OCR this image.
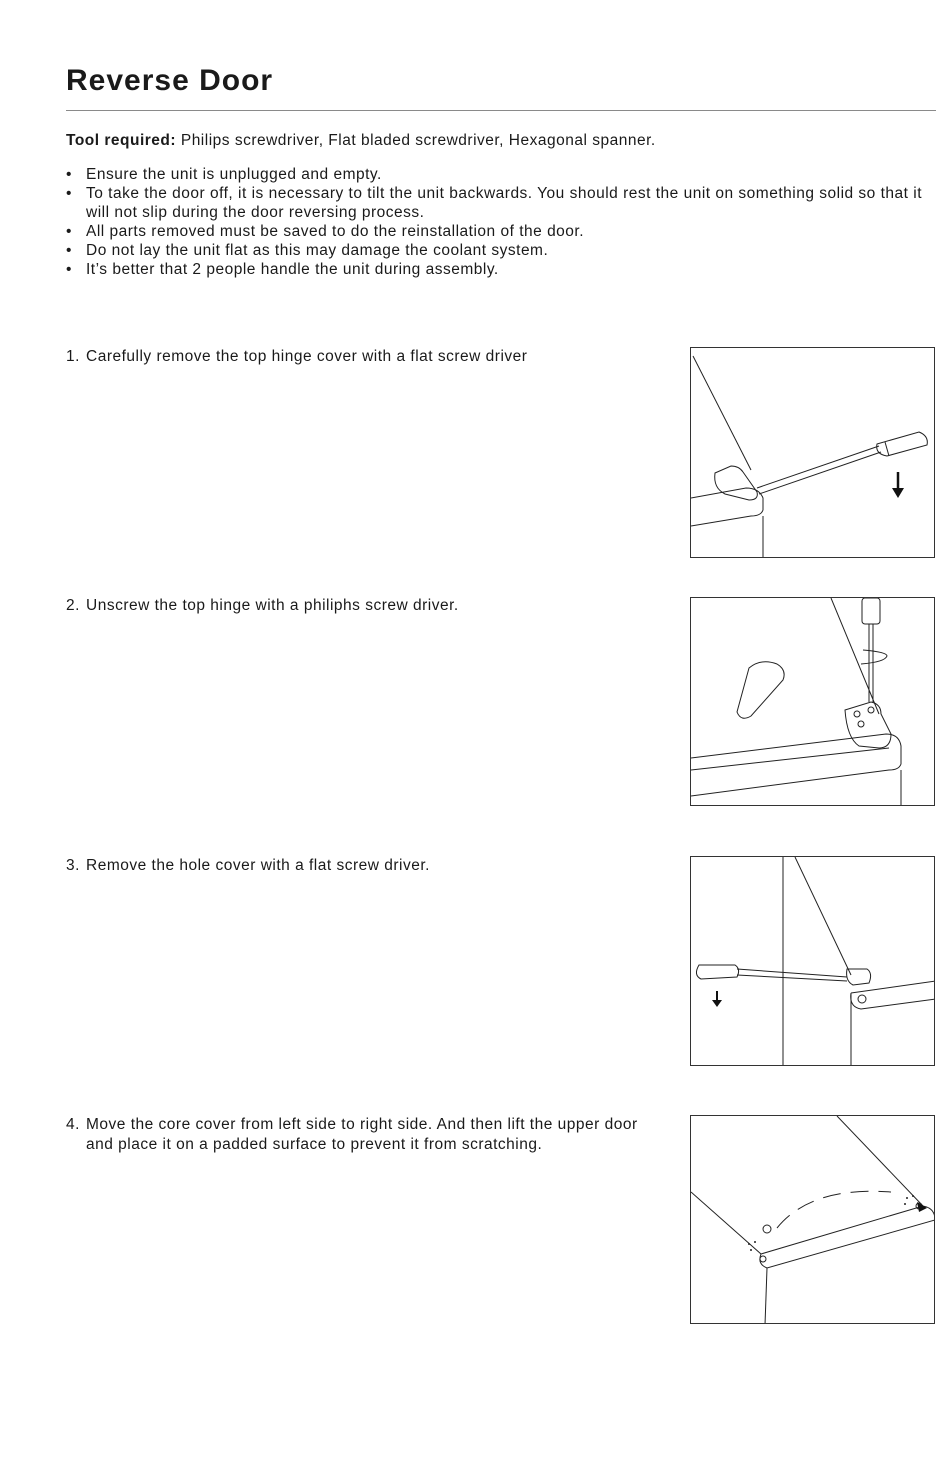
Reverse Door
Tool required: Philips screwdriver, Flat bladed screwdriver, Hexagonal spanner.
• Ensure the unit is unplugged and empty.
• To take the door off, it is necessary to tilt the unit backwards. You should rest the unit on something solid so that it will not slip during the door reversing process.
• All parts removed must be saved to do the reinstallation of the door.
• Do not lay the unit flat as this may damage the coolant system.
• It’s better that 2 people handle the unit during assembly.
1. Carefully remove the top hinge cover with a flat screw driver
2. Unscrew the top hinge with a philiphs screw driver.
3. Remove the hole cover with a flat screw driver.
4. Move the core cover from left side to right side. And then lift the upper door and place it on a padded surface to prevent it from scratching.
